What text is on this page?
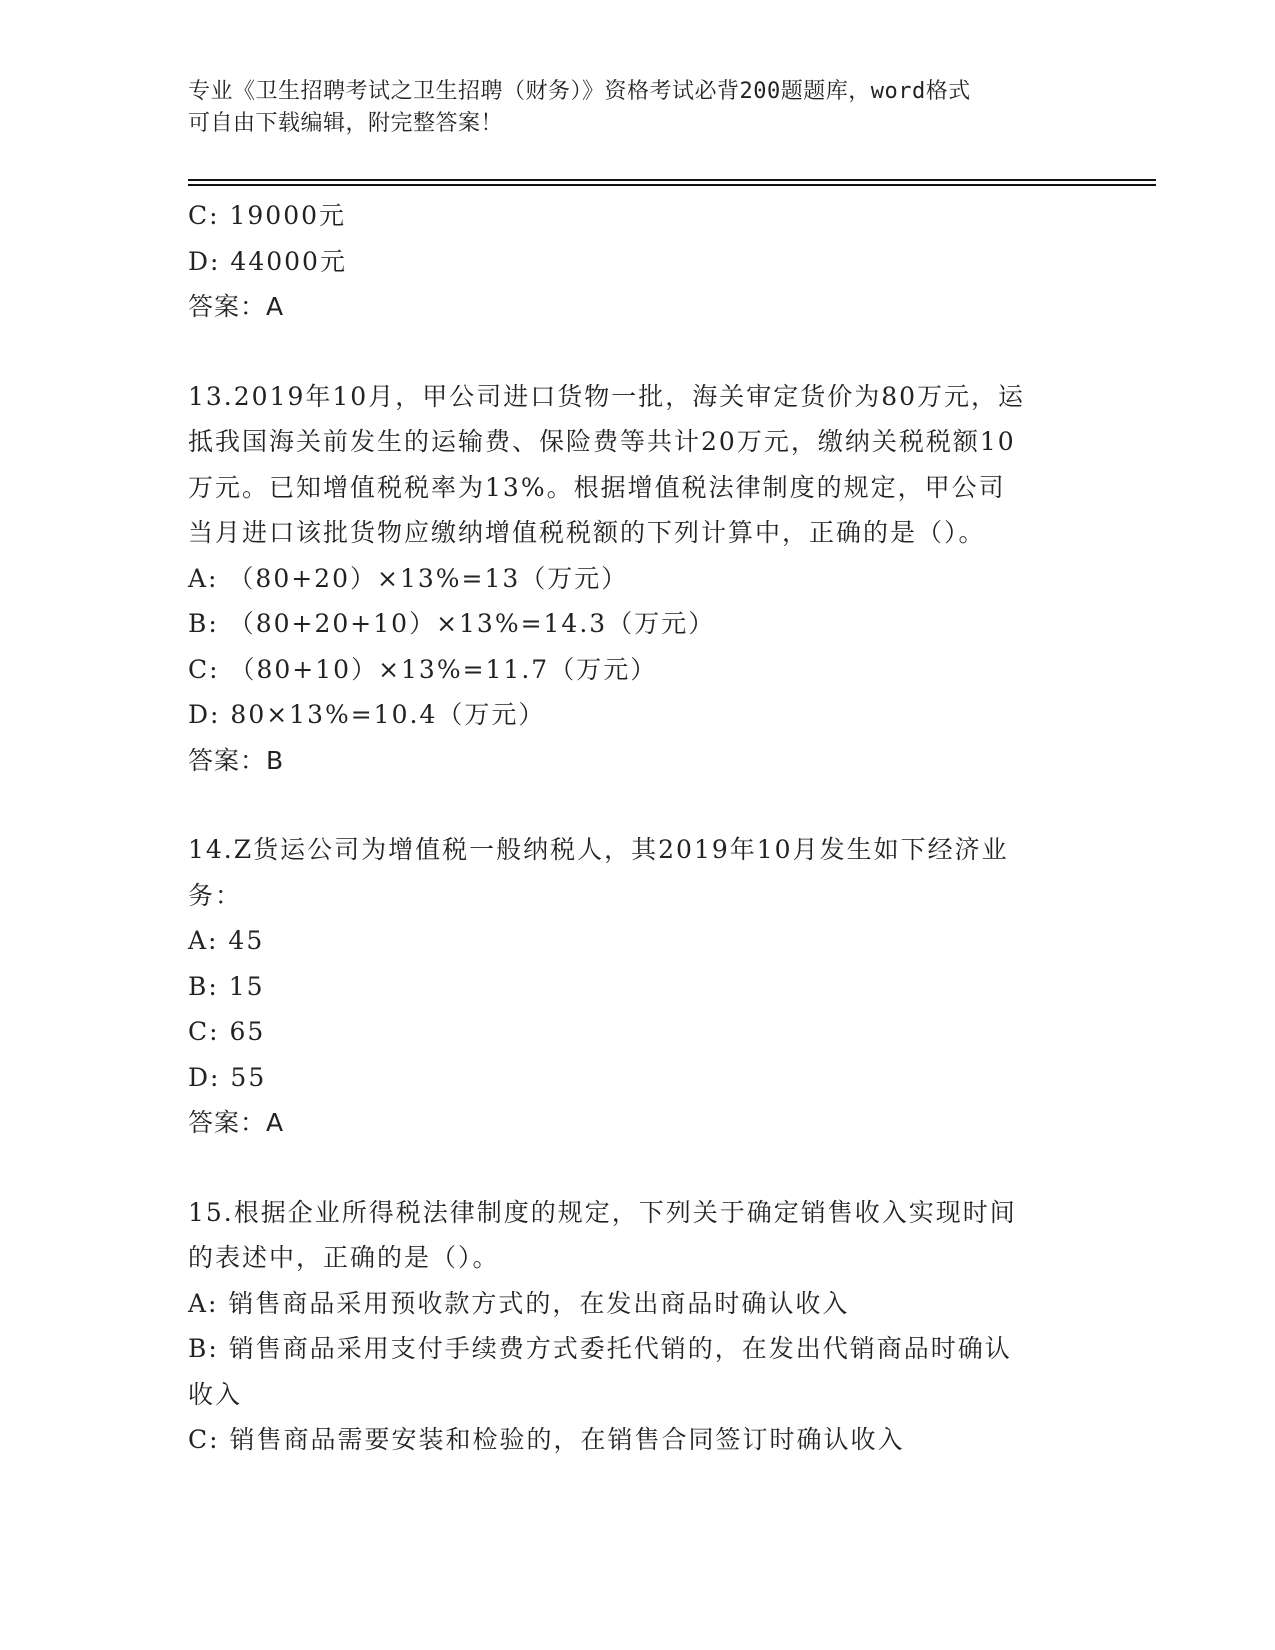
专业《卫生招聘考试之卫生招聘（财务）》资格考试必背200题题库，word格式
可自由下载编辑，附完整答案！
C: 19000元
D: 44000元
答案：A
13.2019年10月，甲公司进口货物一批，海关审定货价为80万元，运
抵我国海关前发生的运输费、保险费等共计20万元，缴纳关税税额10
万元。已知增值税税率为13%。根据增值税法律制度的规定，甲公司
当月进口该批货物应缴纳增值税税额的下列计算中，正确的是（）。
A: （80+20）×13%=13（万元）
B: （80+20+10）×13%=14.3（万元）
C: （80+10）×13%=11.7（万元）
D: 80×13%=10.4（万元）
答案：B
14.Z货运公司为增值税一般纳税人，其2019年10月发生如下经济业
务：
A: 45
B: 15
C: 65
D: 55
答案：A
15.根据企业所得税法律制度的规定，下列关于确定销售收入实现时间
的表述中，正确的是（）。
A: 销售商品采用预收款方式的，在发出商品时确认收入
B: 销售商品采用支付手续费方式委托代销的，在发出代销商品时确认
收入
C: 销售商品需要安装和检验的，在销售合同签订时确认收入
